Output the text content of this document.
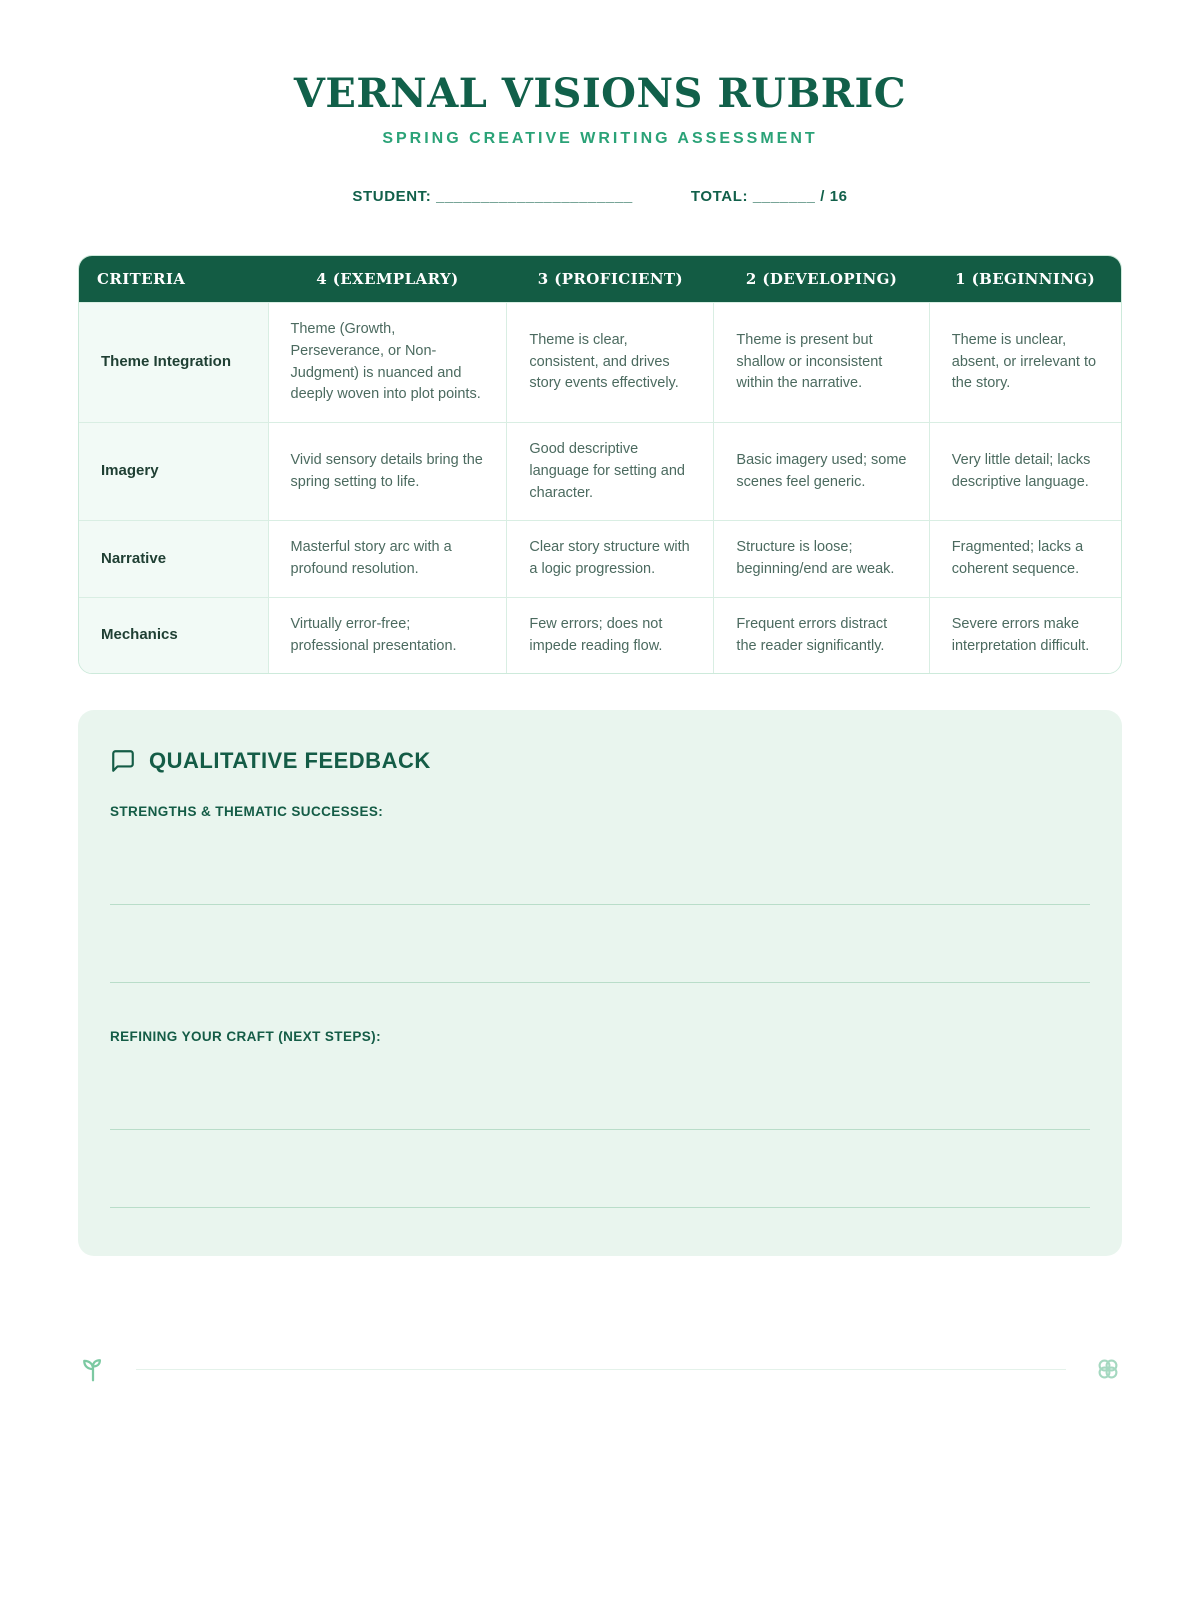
VERNAL VISIONS RUBRIC
SPRING CREATIVE WRITING ASSESSMENT
STUDENT: ______________________	TOTAL: _______ / 16
CRITERIA	4 (EXEMPLARY)	3 (PROFICIENT)	2 (DEVELOPING)	1 (BEGINNING)
Theme Integration	Theme (Growth, Perseverance, or Non-Judgment) is nuanced and deeply woven into plot points.	Theme is clear, consistent, and drives story events effectively.	Theme is present but shallow or inconsistent within the narrative.	Theme is unclear, absent, or irrelevant to the story.
Imagery	Vivid sensory details bring the spring setting to life.	Good descriptive language for setting and character.	Basic imagery used; some scenes feel generic.	Very little detail; lacks descriptive language.
Narrative	Masterful story arc with a profound resolution.	Clear story structure with a logic progression.	Structure is loose; beginning/end are weak.	Fragmented; lacks a coherent sequence.
Mechanics	Virtually error-free; professional presentation.	Few errors; does not impede reading flow.	Frequent errors distract the reader significantly.	Severe errors make interpretation difficult.
QUALITATIVE FEEDBACK
STRENGTHS & THEMATIC SUCCESSES:
REFINING YOUR CRAFT (NEXT STEPS):
